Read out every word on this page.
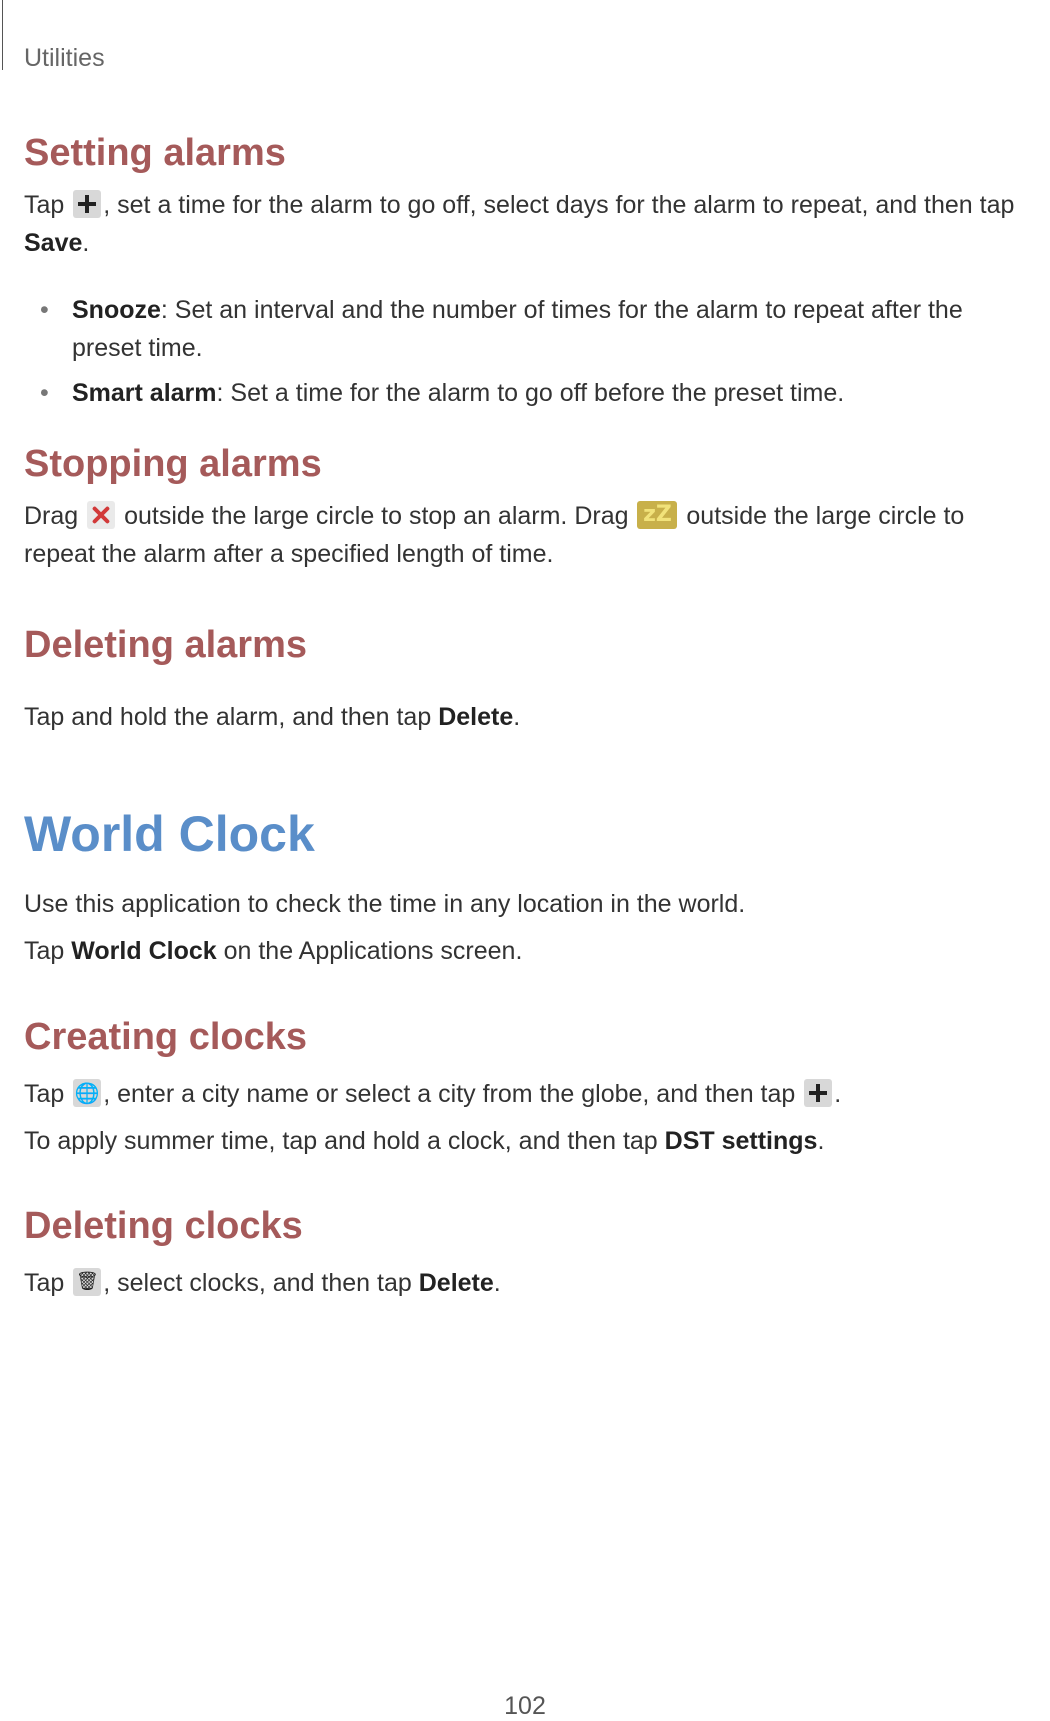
Utilities
Setting alarms

Tap , set a time for the alarm to go off, select days for the alarm to repeat, and then tap Save.

• Snooze: Set an interval and the number of times for the alarm to repeat after the preset time.
• Smart alarm: Set a time for the alarm to go off before the preset time.
Stopping alarms

Drag  outside the large circle to stop an alarm. Drag zZ outside the large circle to repeat the alarm after a specified length of time.

Deleting alarms

Tap and hold the alarm, and then tap Delete.

World Clock

Use this application to check the time in any location in the world.

Tap World Clock on the Applications screen.

Creating clocks

Tap 🌐 , enter a city name or select a city from the globe, and then tap .

To apply summer time, tap and hold a clock, and then tap DST settings.

Deleting clocks

Tap 🗑 , select clocks, and then tap Delete.

102
